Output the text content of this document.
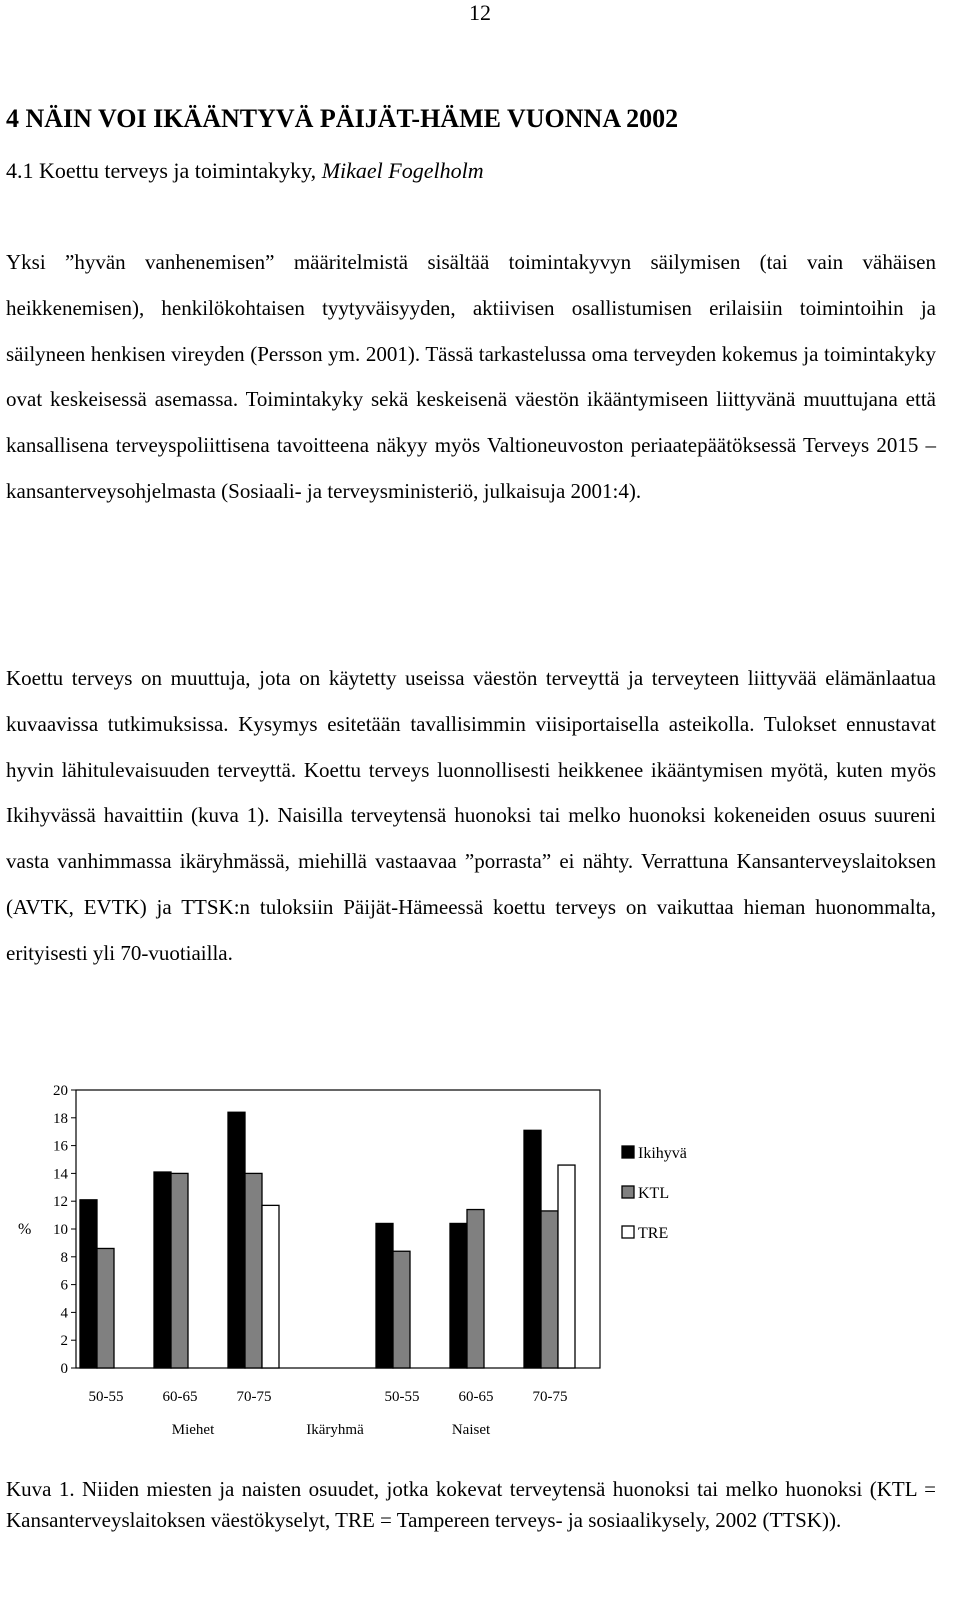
12
4 NÄIN VOI IKÄÄNTYVÄ PÄIJÄT-HÄME VUONNA 2002
4.1 Koettu terveys ja toimintakyky, Mikael Fogelholm

Yksi ”hyvän vanhenemisen” määritelmistä sisältää toimintakyvyn säilymisen (tai vain vähäisen heikkenemisen), henkilökohtaisen tyytyväisyyden, aktiivisen osallistumisen erilaisiin toimintoihin ja säilyneen henkisen vireyden (Persson ym. 2001). Tässä tarkastelussa oma terveyden kokemus ja toimintakyky ovat keskeisessä asemassa. Toimintakyky sekä keskeisenä väestön ikääntymiseen liittyvänä muuttujana että kansallisena terveyspoliittisena tavoitteena näkyy myös Valtioneuvoston periaatepäätöksessä Terveys 2015 –kansanterveysohjelmasta (Sosiaali- ja terveysministeriö, julkaisuja 2001:4).

Koettu terveys on muuttuja, jota on käytetty useissa väestön terveyttä ja terveyteen liittyvää elämänlaatua kuvaavissa tutkimuksissa. Kysymys esitetään tavallisimmin viisiportaisella asteikolla. Tulokset ennustavat hyvin lähitulevaisuuden terveyttä. Koettu terveys luonnollisesti heikkenee ikääntymisen myötä, kuten myös Ikihyvässä havaittiin (kuva 1). Naisilla terveytensä huonoksi tai melko huonoksi kokeneiden osuus suureni vasta vanhimmassa ikäryhmässä, miehillä vastaavaa ”porrasta” ei nähty. Verrattuna Kansanterveyslaitoksen (AVTK, EVTK) ja TTSK:n tuloksiin Päijät-Hämeessä koettu terveys on vaikuttaa hieman huonommalta, erityisesti yli 70-vuotiailla.

0
2
4
6
8
10
12
14
16
18
20
%
50-55	60-65	70-75	50-55	60-65	70-75
Miehet	Ikäryhmä	Naiset
Ikihyvä
KTL
TRE

Kuva 1. Niiden miesten ja naisten osuudet, jotka kokevat terveytensä huonoksi tai melko huonoksi (KTL = Kansanterveyslaitoksen väestökyselyt, TRE = Tampereen terveys- ja sosiaalikysely, 2002 (TTSK)).
